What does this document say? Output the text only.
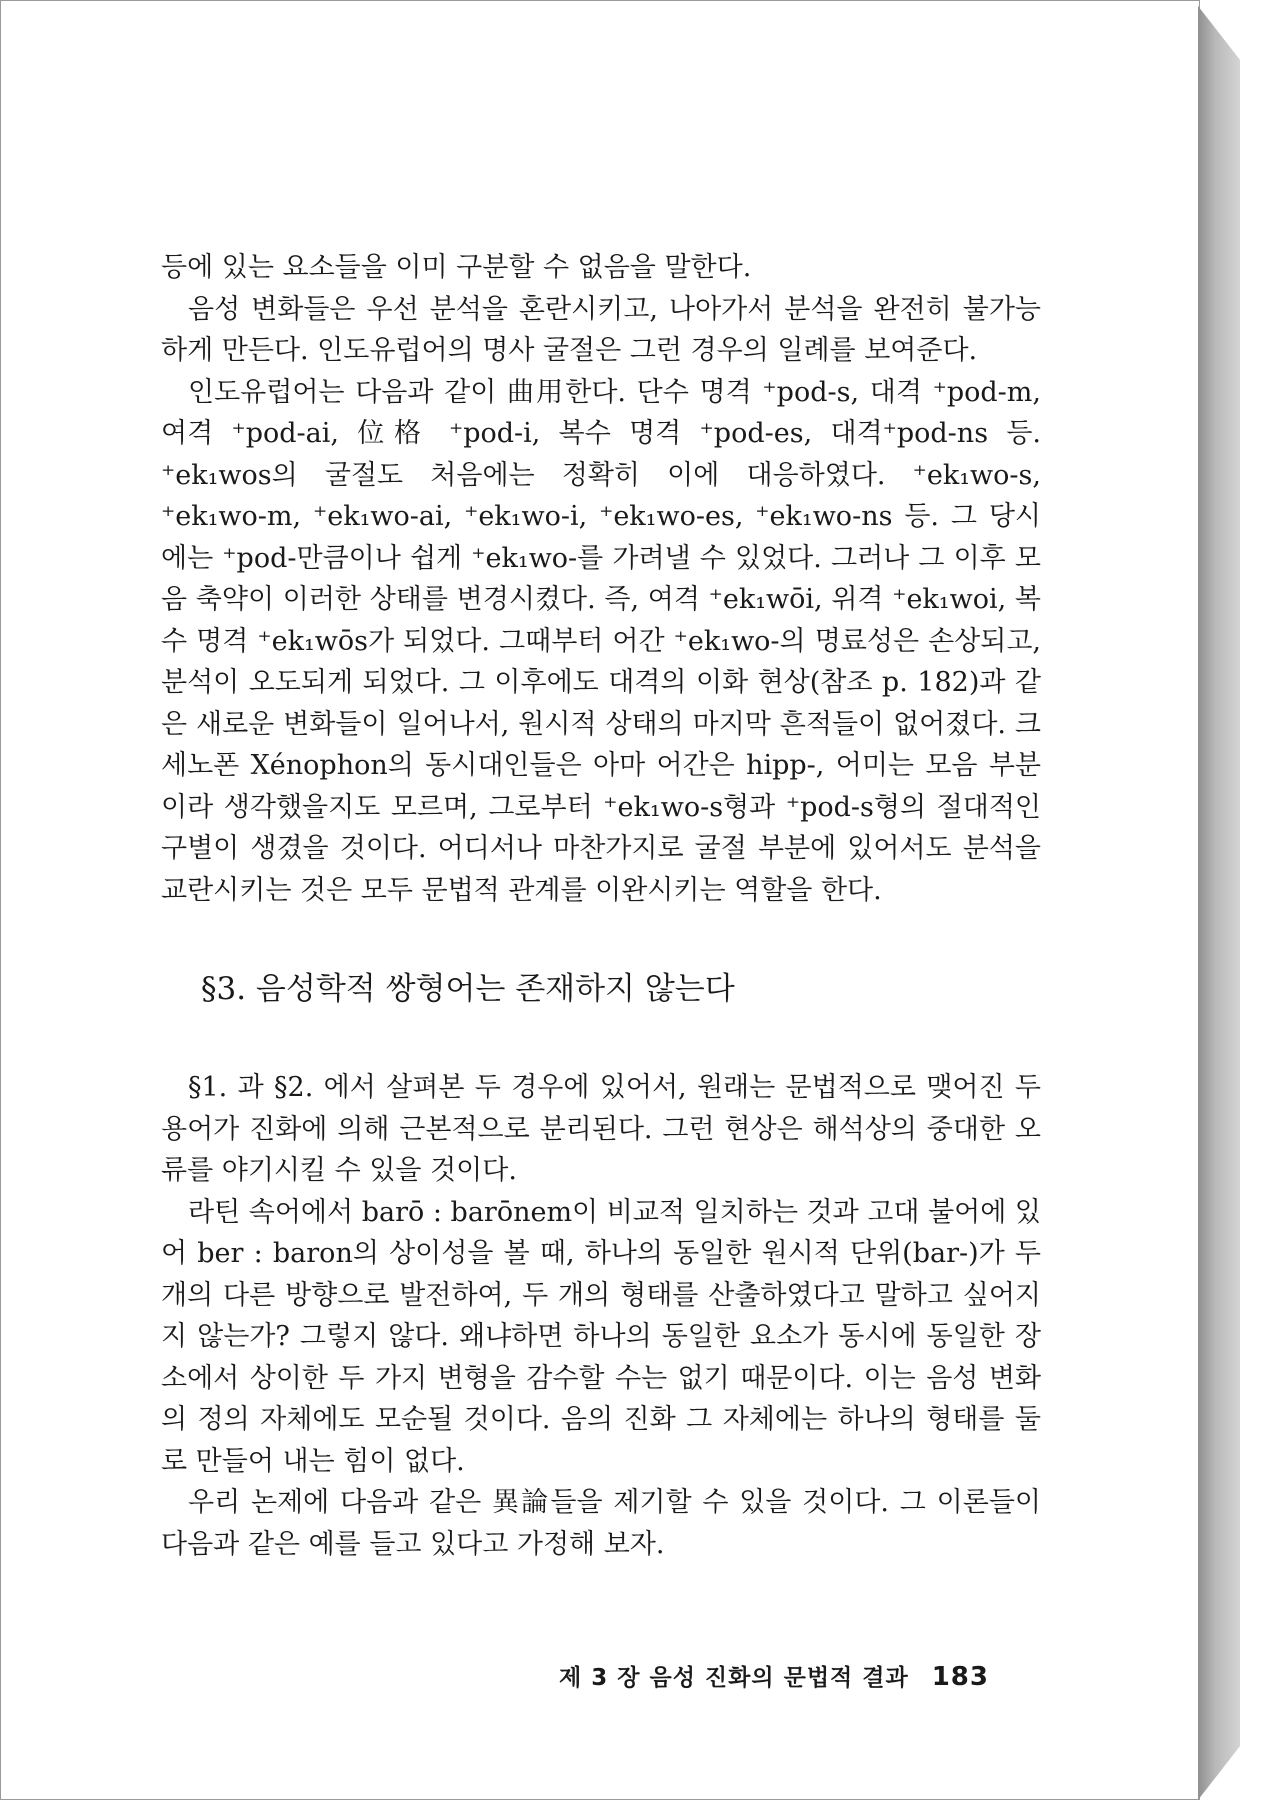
등에 있는 요소들을 이미 구분할 수 없음을 말한다.

음성 변화들은 우선 분석을 혼란시키고, 나아가서 분석을 완전히 불가능하게 만든다. 인도유럽어의 명사 굴절은 그런 경우의 일례를 보여준다.

인도유럽어는 다음과 같이 曲用한다. 단수 명격 ⁺pod-s, 대격 ⁺pod-m, 여격 ⁺pod-ai, 位格 ⁺pod-i, 복수 명격 ⁺pod-es, 대격⁺pod-ns 등. ⁺ek₁wos의 굴절도 처음에는 정확히 이에 대응하였다. ⁺ek₁wo-s, ⁺ek₁wo-m, ⁺ek₁wo-ai, ⁺ek₁wo-i, ⁺ek₁wo-es, ⁺ek₁wo-ns 등. 그 당시에는 ⁺pod-만큼이나 쉽게 ⁺ek₁wo-를 가려낼 수 있었다. 그러나 그 이후 모음 축약이 이러한 상태를 변경시켰다. 즉, 여격 ⁺ek₁wōi, 위격 ⁺ek₁woi, 복수 명격 ⁺ek₁wōs가 되었다. 그때부터 어간 ⁺ek₁wo-의 명료성은 손상되고, 분석이 오도되게 되었다. 그 이후에도 대격의 이화 현상(참조 p. 182)과 같은 새로운 변화들이 일어나서, 원시적 상태의 마지막 흔적들이 없어졌다. 크세노폰 Xénophon의 동시대인들은 아마 어간은 hipp-, 어미는 모음 부분이라 생각했을지도 모르며, 그로부터 ⁺ek₁wo-s형과 ⁺pod-s형의 절대적인 구별이 생겼을 것이다. 어디서나 마찬가지로 굴절 부분에 있어서도 분석을 교란시키는 것은 모두 문법적 관계를 이완시키는 역할을 한다.

§3. 음성학적 쌍형어는 존재하지 않는다

§1. 과 §2. 에서 살펴본 두 경우에 있어서, 원래는 문법적으로 맺어진 두 용어가 진화에 의해 근본적으로 분리된다. 그런 현상은 해석상의 중대한 오류를 야기시킬 수 있을 것이다.

라틴 속어에서 barō : barōnem이 비교적 일치하는 것과 고대 불어에 있어 ber : baron의 상이성을 볼 때, 하나의 동일한 원시적 단위(bar-)가 두 개의 다른 방향으로 발전하여, 두 개의 형태를 산출하였다고 말하고 싶어지지 않는가? 그렇지 않다. 왜냐하면 하나의 동일한 요소가 동시에 동일한 장소에서 상이한 두 가지 변형을 감수할 수는 없기 때문이다. 이는 음성 변화의 정의 자체에도 모순될 것이다. 음의 진화 그 자체에는 하나의 형태를 둘로 만들어 내는 힘이 없다.

우리 논제에 다음과 같은 異論들을 제기할 수 있을 것이다. 그 이론들이 다음과 같은 예를 들고 있다고 가정해 보자.

제 3 장 음성 진화의 문법적 결과 183
